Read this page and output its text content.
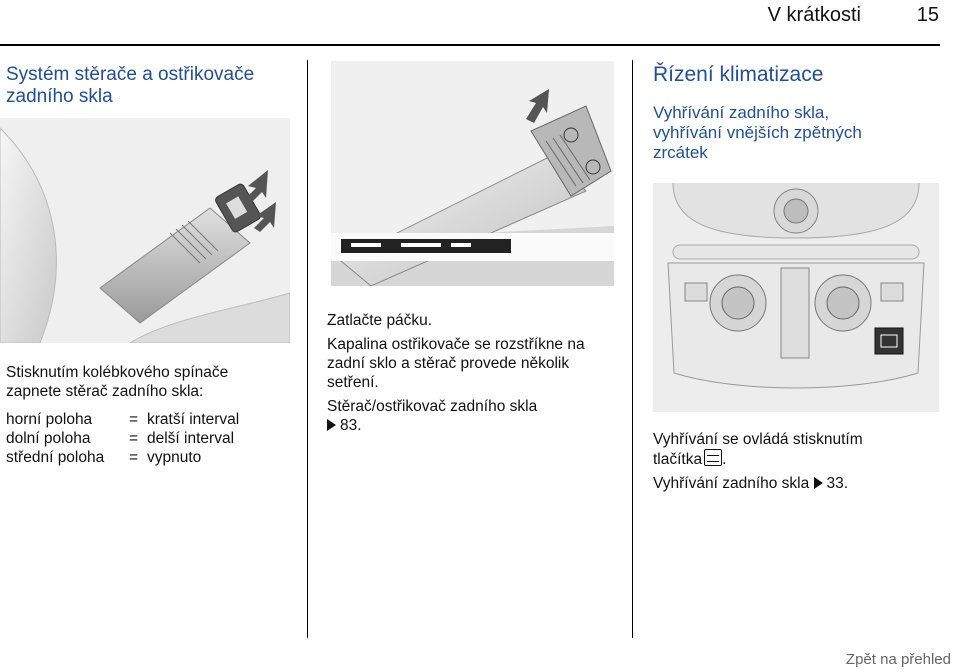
V krátkosti	15
Systém stěrače a ostřikovače
zadního skla
Stisknutím kolébkového spínače
zapnete stěrač zadního skla:
horní poloha	=	kratší interval
dolní poloha	=	delší interval
střední poloha	=	vypnuto
Zatlačte páčku.
Kapalina ostřikovače se rozstříkne na
zadní sklo a stěrač provede několik
setření.
Stěrač/ostřikovač zadního skla
83.
Řízení klimatizace
Vyhřívání zadního skla,
vyhřívání vnějších zpětných
zrcátek
Vyhřívání se ovládá stisknutím
tlačítka .
Vyhřívání zadního skla 33.
Zpět na přehled
